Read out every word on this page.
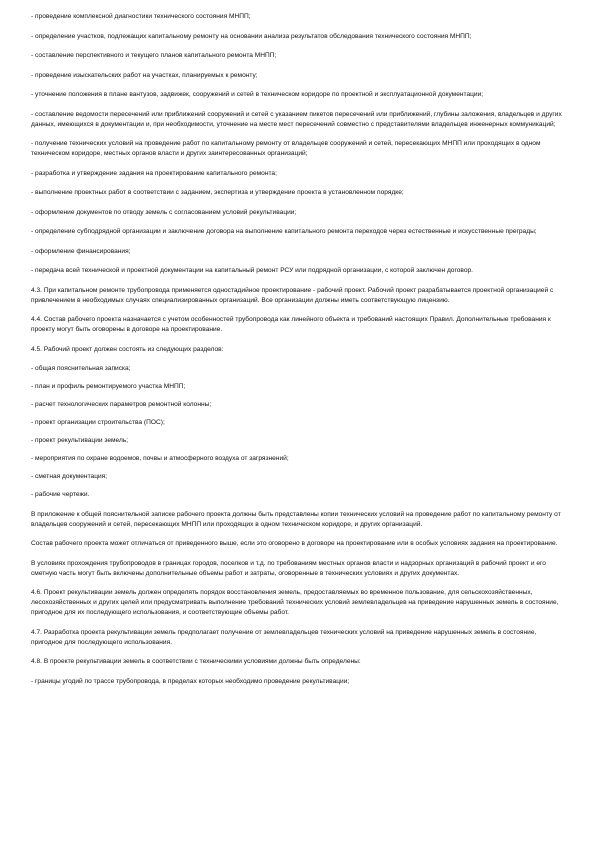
- проведение комплексной диагностики технического состояния МНПП;

- определение участков, подлежащих капитальному ремонту на основании анализа результатов обследования технического состояния МНПП;

- составление перспективного и текущего планов капитального ремонта МНПП;

- проведение изыскательских работ на участках, планируемых к ремонту;

- уточнение положения в плане вантузов, задвижек, сооружений и сетей в техническом коридоре по проектной и эксплуатационной документации;

- составление ведомости пересечений или приближений сооружений и сетей с указанием пикетов пересечений или приближений, глубины заложения, владельцев и других данных, имеющихся в документации и, при необходимости, уточнение на месте мест пересечений совместно с представителями владельцев инженерных коммуникаций;

- получение технических условий на проведение работ по капитальному ремонту от владельцев сооружений и сетей, пересекающих МНПП или проходящих в одном техническом коридоре, местных органов власти и других заинтересованных организаций;

- разработка и утверждение задания на проектирование капитального ремонта;

- выполнение проектных работ в соответствии с заданием, экспертиза и утверждение проекта в установленном порядке;

- оформление документов по отводу земель с согласованием условий рекультивации;

- определение субподрядной организации и заключение договора на выполнение капитального ремонта переходов через естественные и искусственные преграды;

- оформление финансирования;

- передача всей технической и проектной документации на капитальный ремонт РСУ или подрядной организации, с которой заключен договор.

4.3. При капитальном ремонте трубопровода применяется одностадийное проектирование - рабочий проект. Рабочий проект разрабатывается проектной организацией с привлечением в необходимых случаях специализированных организаций. Все организации должны иметь соответствующую лицензию.

4.4. Состав рабочего проекта назначается с учетом особенностей трубопровода как линейного объекта и требований настоящих Правил. Дополнительные требования к проекту могут быть оговорены в договоре на проектирование.

4.5. Рабочий проект должен состоять из следующих разделов:

- общая пояснительная записка;

- план и профиль ремонтируемого участка МНПП;

- расчет технологических параметров ремонтной колонны;

- проект организации строительства (ПОС);

- проект рекультивации земель;

- мероприятия по охране водоемов, почвы и атмосферного воздуха от загрязнений;

- сметная документация;

- рабочие чертежи.

В приложение к общей пояснительной записке рабочего проекта должны быть представлены копии технических условий на проведение работ по капитальному ремонту от владельцев сооружений и сетей, пересекающих МНПП или проходящих в одном техническом коридоре, и других организаций.

Состав рабочего проекта может отличаться от приведенного выше, если это оговорено в договоре на проектирование или в особых условиях задания на проектирование.

В условиях прохождения трубопроводов в границах городов, поселков и т.д. по требованиям местных органов власти и надзорных организаций в рабочий проект и его сметную часть могут быть включены дополнительные объемы работ и затраты, оговоренные в технических условиях и других документах.

4.6. Проект рекультивации земель должен определять порядок восстановления земель, предоставляемых во временное пользование, для сельскохозяйственных, лесохозяйственных и других целей или предусматривать выполнение требований технических условий землевладельцев на приведение нарушенных земель в состояние, пригодное для их последующего использования, и соответствующие объемы работ.

4.7. Разработка проекта рекультивации земель предполагает получение от землевладельцев технических условий на приведение нарушенных земель в состояние, пригодное для последующего использования.

4.8. В проекте рекультивации земель в соответствии с техническими условиями должны быть определены:

- границы угодий по трассе трубопровода, в пределах которых необходимо проведение рекультивации;
